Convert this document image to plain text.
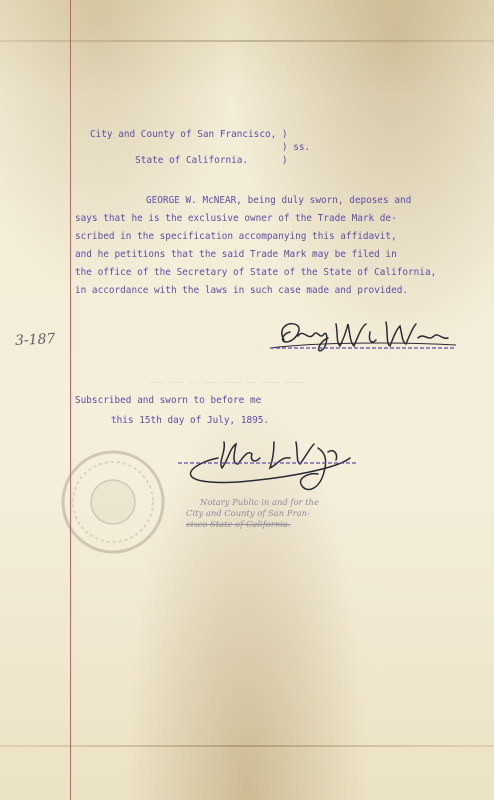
~~~ ~~~ ~~ ~~~ ~~~~ ~~ ~~~~ ~~~~

City and County of San Francisco, )

) ss.

State of California.      )

GEORGE W. McNEAR, being duly sworn, deposes and

says that he is the exclusive owner of the Trade Mark de-

scribed in the specification accompanying this affidavit,

and he petitions that the said Trade Mark may be filed in

the office of the Secretary of State of the State of California,

in accordance with the laws in such case made and provided.

Subscribed and sworn to before me

this 15th day of July, 1895.

Notary Public in and for the

City and County of San Fran-

cisco State of California.

3-187
